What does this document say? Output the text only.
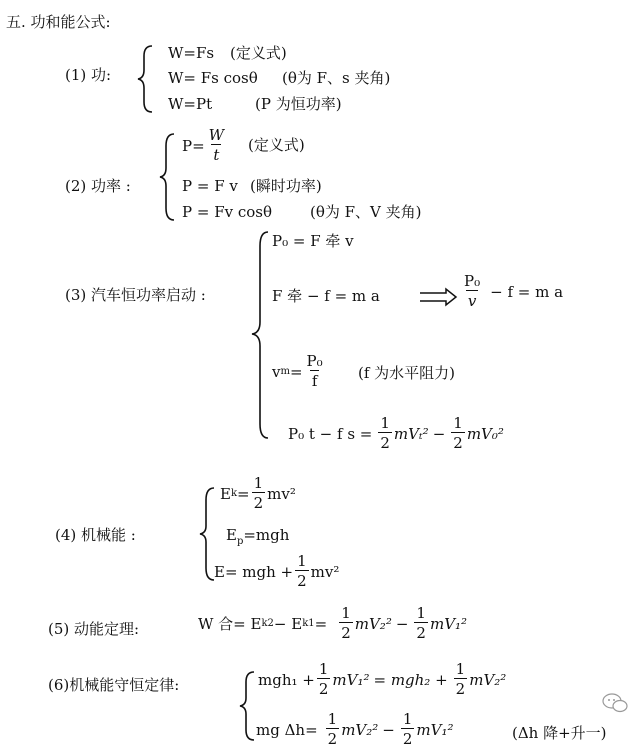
五. 功和能公式:
(1) 功:
W=Fs (定义式)
W= Fs cosθ (θ为 F、s 夹角)
W=Pt	(P 为恒功率)
(2) 功率 :
$P= \frac{W}{t}$ (定义式)
P = F v (瞬时功率)
P = Fv cosθ	(θ为 F、V 夹角)
(3) 汽车恒功率启动 :
P₀ = F 牵 v
F 牵 − f = m a	$\frac{\text{P₀}}{v} - f = m$ a
v $m = \frac{\text{P₀}}{f} (f$ 为水平阻力)
P₀ t − f $s = \frac{1}{2} mV_t^2 - \frac{1}{2} mV_0^2$
(4) 机械能 :
E $k = \frac{1}{2} mv^2$
$E_p=mgh$
E= mgh + $\frac{1}{2} mv^2$
(5) 动能定理:	W 合= E k2 − E $k1 = \frac{1}{2} mV_2^2 - \frac{1}{2} mV_1^2$
(6)机械能守恒定律:	$mgh_1 + \frac{1}{2} mV_1^2 = mgh_2 + \frac{1}{2} mV_2^2$
mg $\Delta h= \frac{1}{2} mV_2^2 - \frac{1}{2} mV_1^2$	(Δh 降+升一)
